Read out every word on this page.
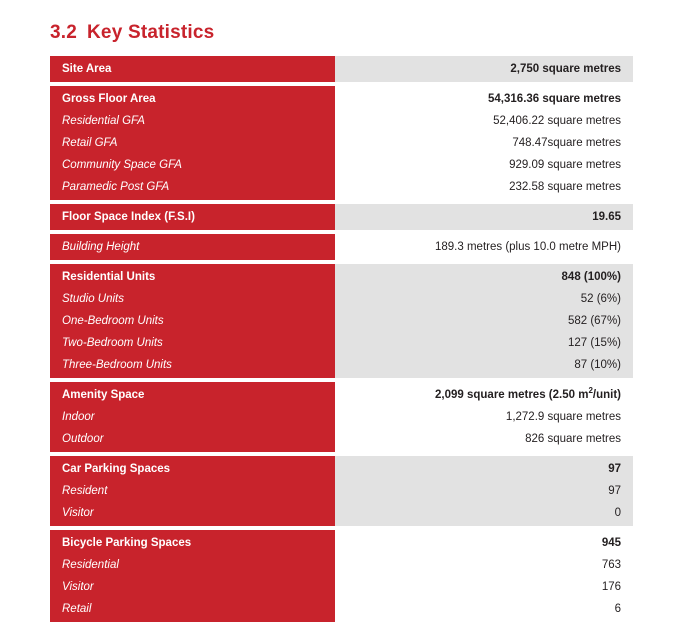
3.2 Key Statistics
Site Area	2,750 square metres
Gross Floor Area	54,316.36 square metres
Residential GFA	52,406.22 square metres
Retail GFA	748.47square metres
Community Space GFA	929.09 square metres
Paramedic Post GFA	232.58 square metres
Floor Space Index (F.S.I)	19.65
Building Height	189.3 metres (plus 10.0 metre MPH)
Residential Units	848 (100%)
Studio Units	52 (6%)
One-Bedroom Units	582 (67%)
Two-Bedroom Units	127 (15%)
Three-Bedroom Units	87 (10%)
Amenity Space	2,099 square metres (2.50 $m^2/unit$)
Indoor	1,272.9 square metres
Outdoor	826 square metres
Car Parking Spaces	97
Resident	97
Visitor	0
Bicycle Parking Spaces	945
Residential	763
Visitor	176
Retail	6
